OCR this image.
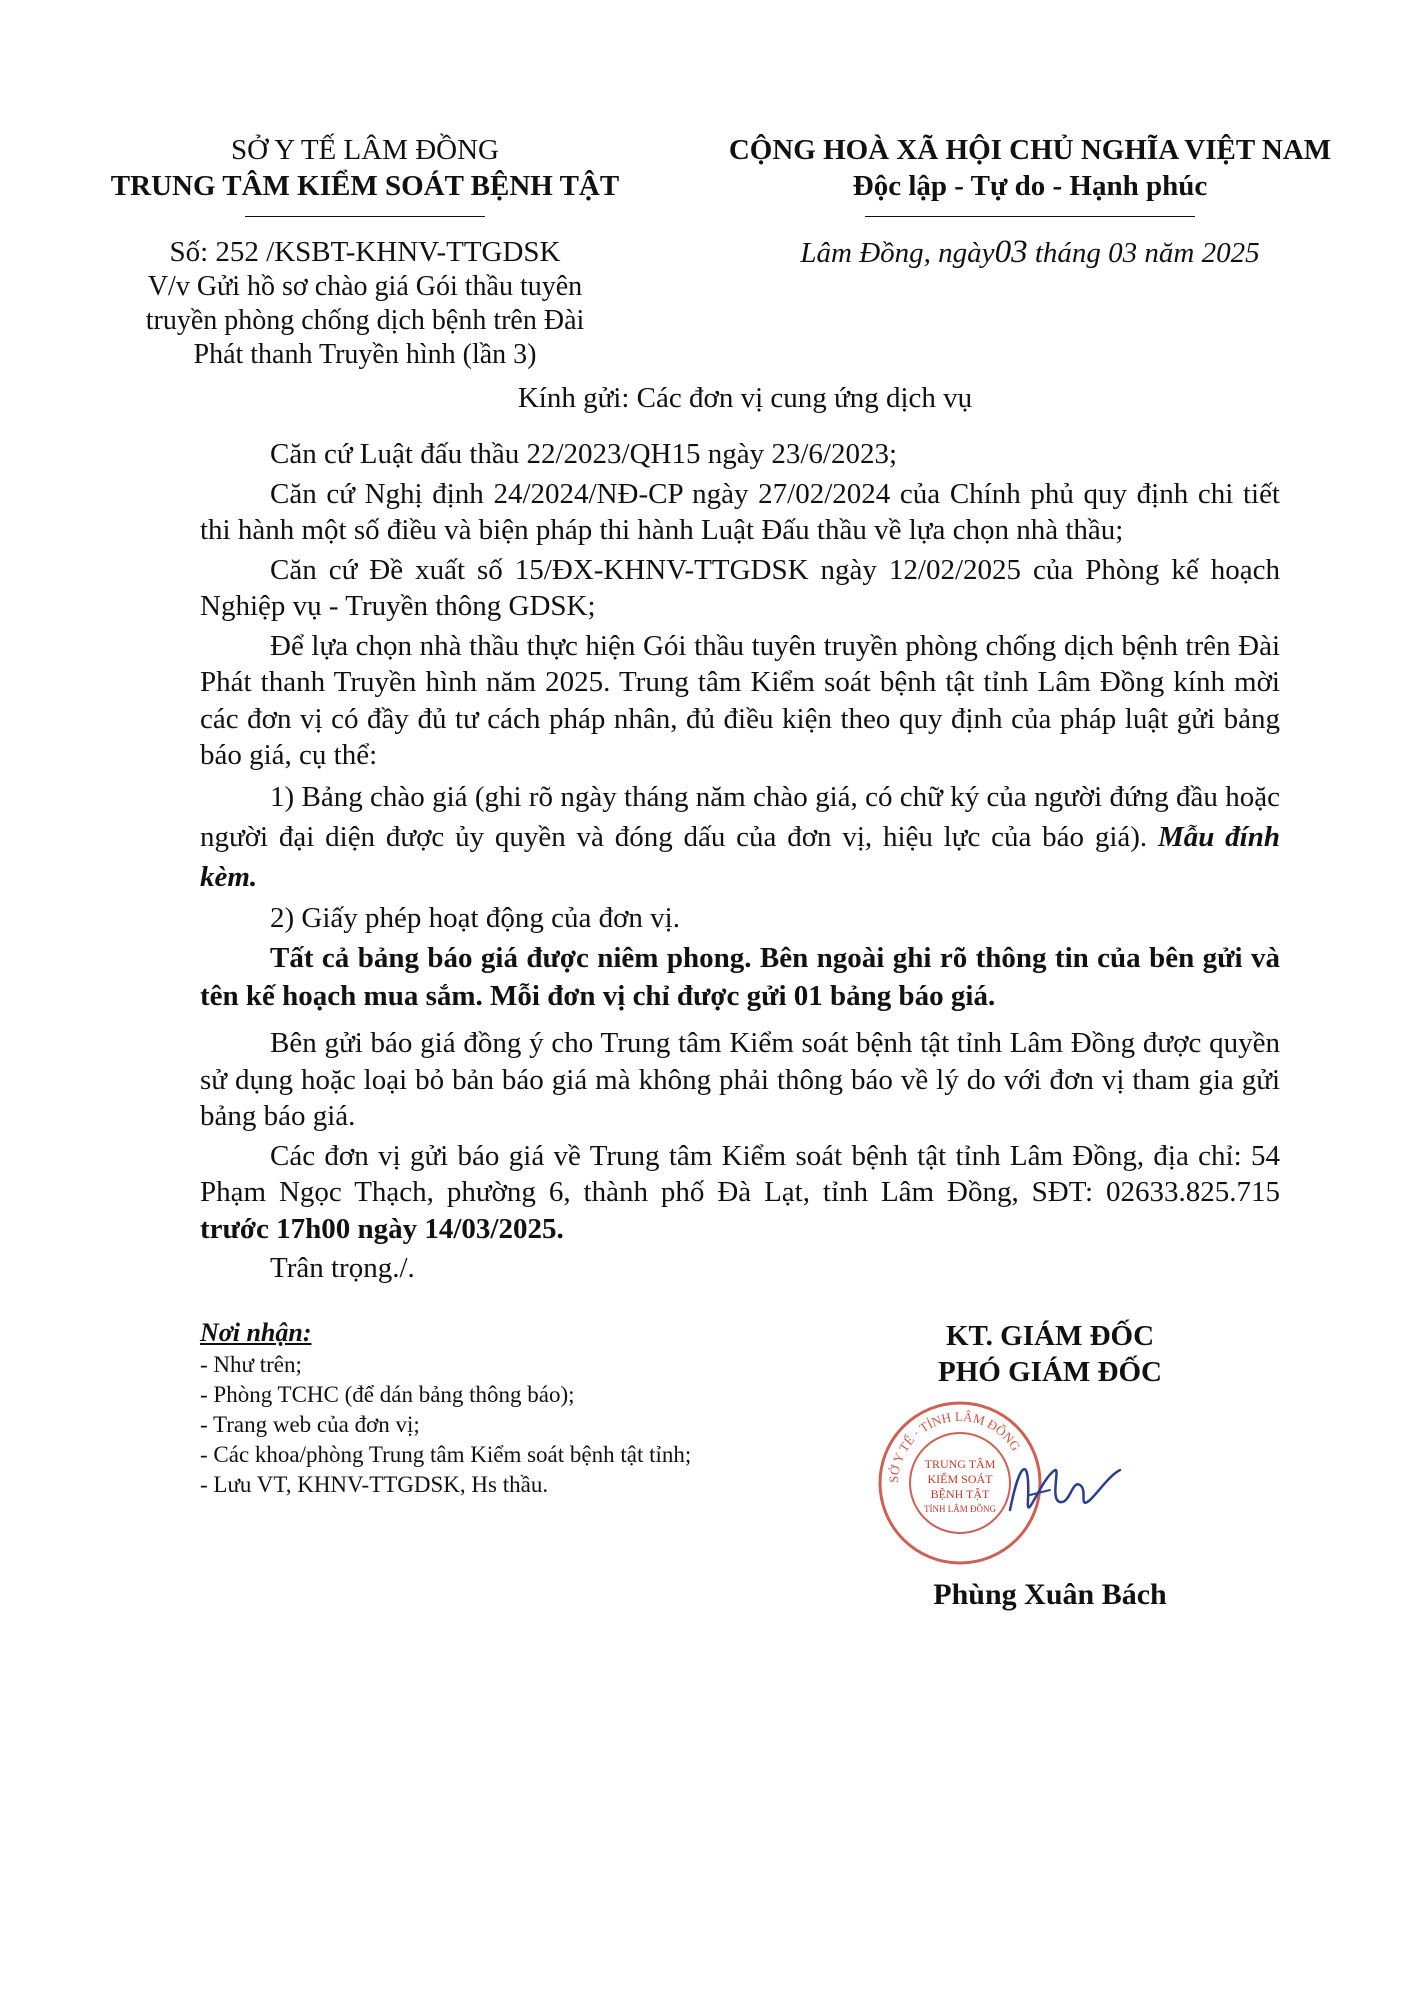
SỞ Y TẾ LÂM ĐỒNG
TRUNG TÂM KIỂM SOÁT BỆNH TẬT
Số: 252 /KSBT-KHNV-TTGDSK
V/v Gửi hồ sơ chào giá Gói thầu tuyên
truyền phòng chống dịch bệnh trên Đài
Phát thanh Truyền hình (lần 3)
CỘNG HOÀ XÃ HỘI CHỦ NGHĨA VIỆT NAM
Độc lập - Tự do - Hạnh phúc
Lâm Đồng, ngày03 tháng 03 năm 2025
Kính gửi: Các đơn vị cung ứng dịch vụ

Căn cứ Luật đấu thầu 22/2023/QH15 ngày 23/6/2023;

Căn cứ Nghị định 24/2024/NĐ-CP ngày 27/02/2024 của Chính phủ quy định chi tiết thi hành một số điều và biện pháp thi hành Luật Đấu thầu về lựa chọn nhà thầu;

Căn cứ Đề xuất số 15/ĐX-KHNV-TTGDSK ngày 12/02/2025 của Phòng kế hoạch Nghiệp vụ - Truyền thông GDSK;

Để lựa chọn nhà thầu thực hiện Gói thầu tuyên truyền phòng chống dịch bệnh trên Đài Phát thanh Truyền hình năm 2025. Trung tâm Kiểm soát bệnh tật tỉnh Lâm Đồng kính mời các đơn vị có đầy đủ tư cách pháp nhân, đủ điều kiện theo quy định của pháp luật gửi bảng báo giá, cụ thể:

1) Bảng chào giá (ghi rõ ngày tháng năm chào giá, có chữ ký của người đứng đầu hoặc người đại diện được ủy quyền và đóng dấu của đơn vị, hiệu lực của báo giá). Mẫu đính kèm.

2) Giấy phép hoạt động của đơn vị.

Tất cả bảng báo giá được niêm phong. Bên ngoài ghi rõ thông tin của bên gửi và tên kế hoạch mua sắm. Mỗi đơn vị chỉ được gửi 01 bảng báo giá.

Bên gửi báo giá đồng ý cho Trung tâm Kiểm soát bệnh tật tỉnh Lâm Đồng được quyền sử dụng hoặc loại bỏ bản báo giá mà không phải thông báo về lý do với đơn vị tham gia gửi bảng báo giá.

Các đơn vị gửi báo giá về Trung tâm Kiểm soát bệnh tật tỉnh Lâm Đồng, địa chỉ: 54 Phạm Ngọc Thạch, phường 6, thành phố Đà Lạt, tỉnh Lâm Đồng, SĐT: 02633.825.715 trước 17h00 ngày 14/03/2025.

Trân trọng./.

Nơi nhận:
- Như trên;
- Phòng TCHC (để dán bảng thông báo);
- Trang web của đơn vị;
- Các khoa/phòng Trung tâm Kiểm soát bệnh tật tỉnh;
- Lưu VT, KHNV-TTGDSK, Hs thầu.
KT. GIÁM ĐỐC
PHÓ GIÁM ĐỐC
SỞ Y TẾ · TỈNH LÂM ĐỒNG
TRUNG TÂM
KIỂM SOÁT
BỆNH TẬT
TỈNH LÂM ĐỒNG
Phùng Xuân Bách
